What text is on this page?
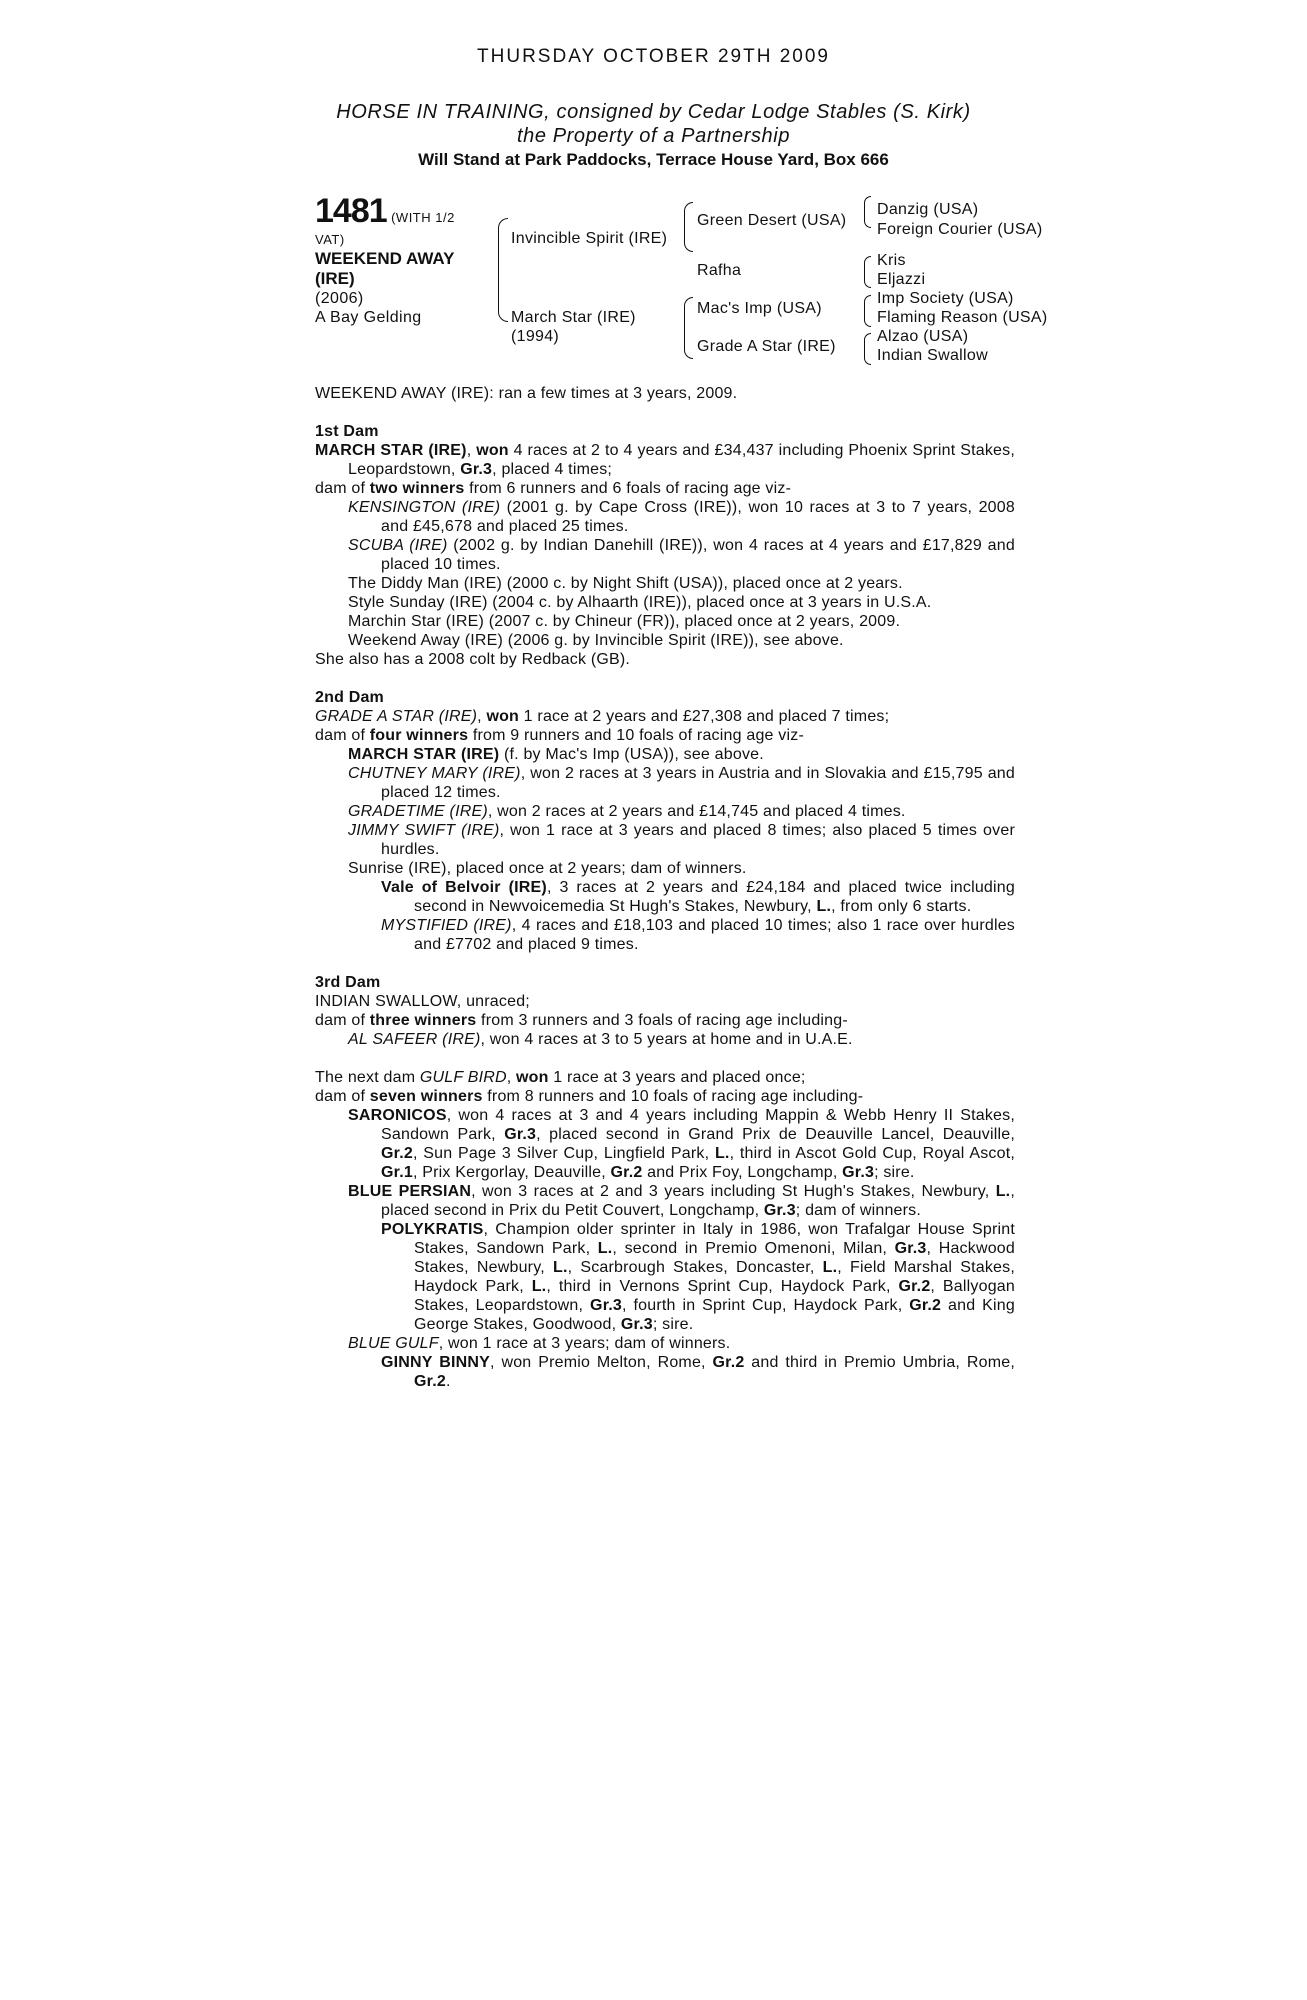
THURSDAY OCTOBER 29TH 2009
HORSE IN TRAINING, consigned by Cedar Lodge Stables (S. Kirk)
the Property of a Partnership
Will Stand at Park Paddocks, Terrace House Yard, Box 666
1481 (WITH 1/2 VAT)
WEEKEND AWAY (IRE)
(2006)
A Bay Gelding
Invincible Spirit (IRE)
March Star (IRE) (1994)
Green Desert (USA)
Rafha
Mac's Imp (USA)
Grade A Star (IRE)
Danzig (USA)
Foreign Courier (USA)
Kris
Eljazzi
Imp Society (USA)
Flaming Reason (USA)
Alzao (USA)
Indian Swallow

WEEKEND AWAY (IRE): ran a few times at 3 years, 2009.

1st Dam

MARCH STAR (IRE), won 4 races at 2 to 4 years and £34,437 including Phoenix Sprint Stakes, Leopardstown, Gr.3, placed 4 times;

dam of two winners from 6 runners and 6 foals of racing age viz-

KENSINGTON (IRE) (2001 g. by Cape Cross (IRE)), won 10 races at 3 to 7 years, 2008 and £45,678 and placed 25 times.

SCUBA (IRE) (2002 g. by Indian Danehill (IRE)), won 4 races at 4 years and £17,829 and placed 10 times.

The Diddy Man (IRE) (2000 c. by Night Shift (USA)), placed once at 2 years.

Style Sunday (IRE) (2004 c. by Alhaarth (IRE)), placed once at 3 years in U.S.A.

Marchin Star (IRE) (2007 c. by Chineur (FR)), placed once at 2 years, 2009.

Weekend Away (IRE) (2006 g. by Invincible Spirit (IRE)), see above.

She also has a 2008 colt by Redback (GB).

2nd Dam

GRADE A STAR (IRE), won 1 race at 2 years and £27,308 and placed 7 times;

dam of four winners from 9 runners and 10 foals of racing age viz-

MARCH STAR (IRE) (f. by Mac's Imp (USA)), see above.

CHUTNEY MARY (IRE), won 2 races at 3 years in Austria and in Slovakia and £15,795 and placed 12 times.

GRADETIME (IRE), won 2 races at 2 years and £14,745 and placed 4 times.

JIMMY SWIFT (IRE), won 1 race at 3 years and placed 8 times; also placed 5 times over hurdles.

Sunrise (IRE), placed once at 2 years; dam of winners.

Vale of Belvoir (IRE), 3 races at 2 years and £24,184 and placed twice including second in Newvoicemedia St Hugh's Stakes, Newbury, L., from only 6 starts.

MYSTIFIED (IRE), 4 races and £18,103 and placed 10 times; also 1 race over hurdles and £7702 and placed 9 times.

3rd Dam

INDIAN SWALLOW, unraced;

dam of three winners from 3 runners and 3 foals of racing age including-

AL SAFEER (IRE), won 4 races at 3 to 5 years at home and in U.A.E.

The next dam GULF BIRD, won 1 race at 3 years and placed once;

dam of seven winners from 8 runners and 10 foals of racing age including-

SARONICOS, won 4 races at 3 and 4 years including Mappin & Webb Henry II Stakes, Sandown Park, Gr.3, placed second in Grand Prix de Deauville Lancel, Deauville, Gr.2, Sun Page 3 Silver Cup, Lingfield Park, L., third in Ascot Gold Cup, Royal Ascot, Gr.1, Prix Kergorlay, Deauville, Gr.2 and Prix Foy, Longchamp, Gr.3; sire.

BLUE PERSIAN, won 3 races at 2 and 3 years including St Hugh's Stakes, Newbury, L., placed second in Prix du Petit Couvert, Longchamp, Gr.3; dam of winners.

POLYKRATIS, Champion older sprinter in Italy in 1986, won Trafalgar House Sprint Stakes, Sandown Park, L., second in Premio Omenoni, Milan, Gr.3, Hackwood Stakes, Newbury, L., Scarbrough Stakes, Doncaster, L., Field Marshal Stakes, Haydock Park, L., third in Vernons Sprint Cup, Haydock Park, Gr.2, Ballyogan Stakes, Leopardstown, Gr.3, fourth in Sprint Cup, Haydock Park, Gr.2 and King George Stakes, Goodwood, Gr.3; sire.

BLUE GULF, won 1 race at 3 years; dam of winners.

GINNY BINNY, won Premio Melton, Rome, Gr.2 and third in Premio Umbria, Rome, Gr.2.
